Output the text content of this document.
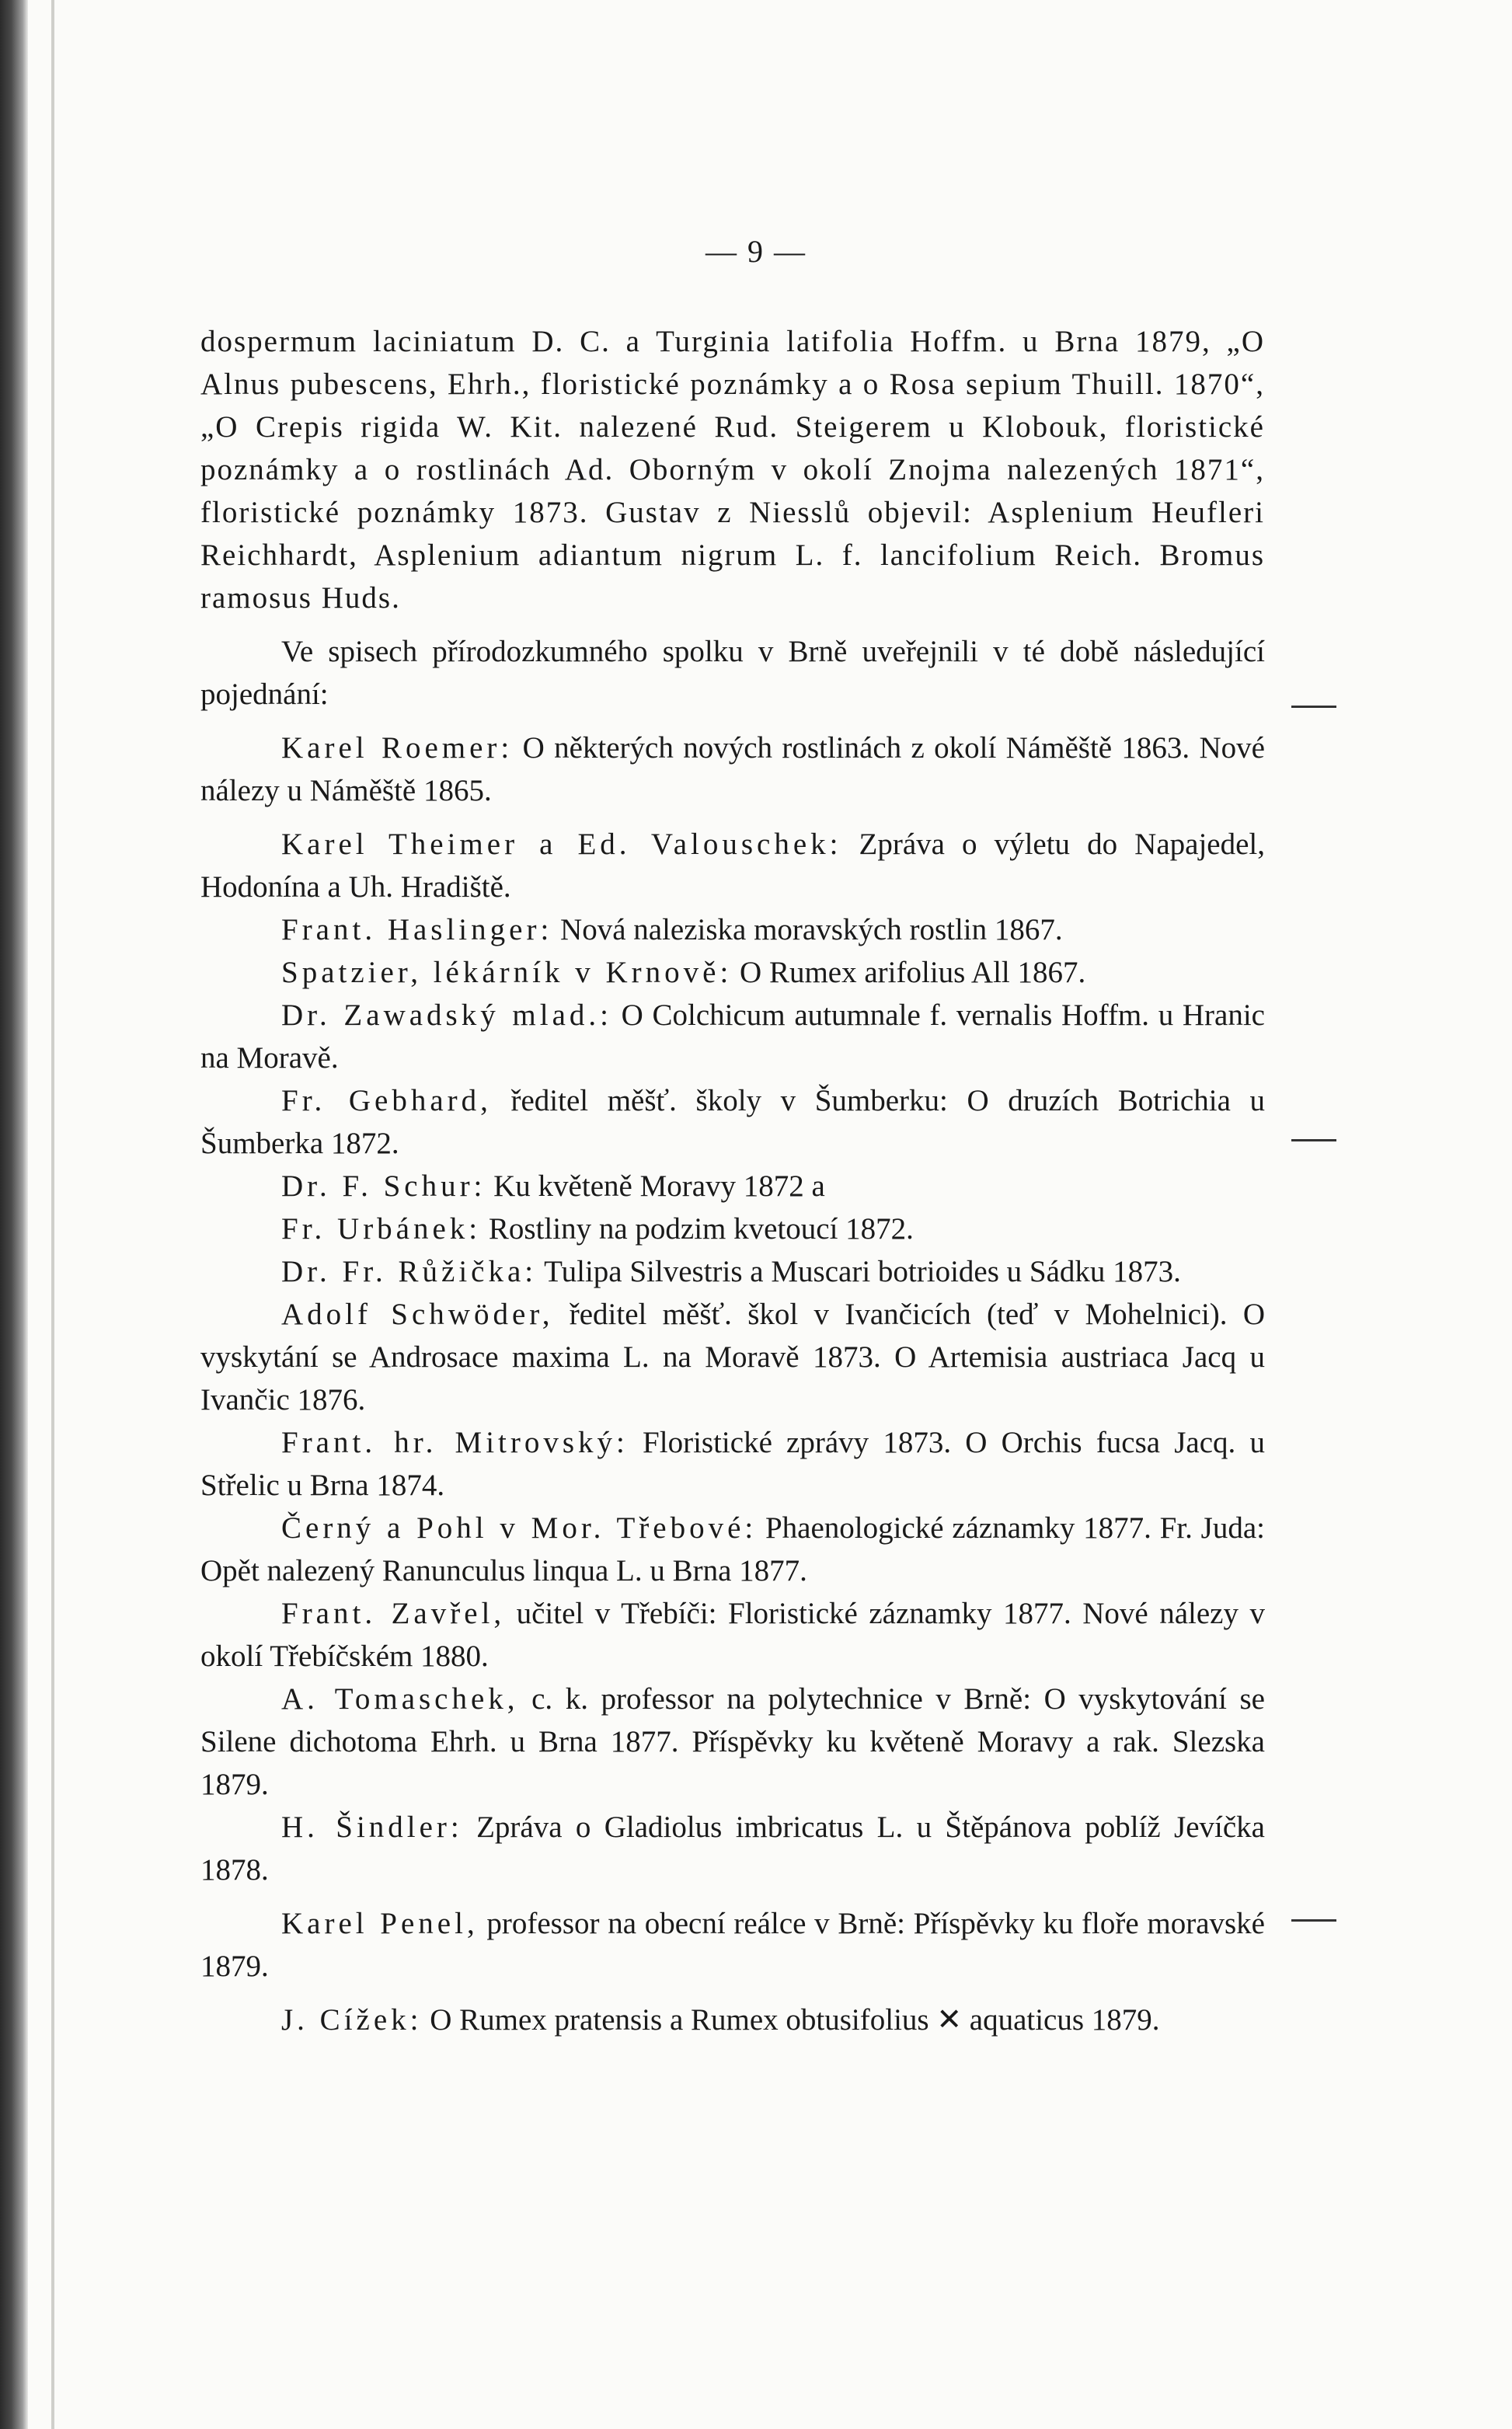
— 9 —

dospermum laciniatum D. C. a Turginia latifolia Hoffm. u Brna 1879, „O Alnus pubescens, Ehrh., floristické poznámky a o Rosa sepium Thuill. 1870“, „O Crepis rigida W. Kit. nalezené Rud. Steigerem u Klobouk, floristické poznámky a o rostlinách Ad. Oborným v okolí Znojma nalezených 1871“, floristické poznámky 1873. Gustav z Niesslů objevil: Asplenium Heufleri Reichhardt, Asplenium adiantum nigrum L. f. lancifolium Reich. Bromus ramosus Huds.

Ve spisech přírodozkumného spolku v Brně uveřejnili v té době následující pojednání:

Karel Roemer: O některých nových rostlinách z okolí Náměště 1863. Nové nálezy u Náměště 1865.

Karel Theimer a Ed. Valouschek: Zpráva o výletu do Napajedel, Hodonína a Uh. Hradiště.

Frant. Haslinger: Nová naleziska moravských rostlin 1867.

Spatzier, lékárník v Krnově: O Rumex arifolius All 1867.

Dr. Zawadský mlad.: O Colchicum autumnale f. vernalis Hoffm. u Hranic na Moravě.

Fr. Gebhard, ředitel měšť. školy v Šumberku: O druzích Botrichia u Šumberka 1872.

Dr. F. Schur: Ku květeně Moravy 1872 a

Fr. Urbánek: Rostliny na podzim kvetoucí 1872.

Dr. Fr. Růžička: Tulipa Silvestris a Muscari botrioides u Sádku 1873.

Adolf Schwöder, ředitel měšť. škol v Ivančicích (teď v Mohelnici). O vyskytání se Androsace maxima L. na Moravě 1873. O Artemisia austriaca Jacq u Ivančic 1876.

Frant. hr. Mitrovský: Floristické zprávy 1873. O Orchis fucsa Jacq. u Střelic u Brna 1874.

Černý a Pohl v Mor. Třebové: Phaenologické záznamky 1877. Fr. Juda: Opět nalezený Ranunculus linqua L. u Brna 1877.

Frant. Zavřel, učitel v Třebíči: Floristické záznamky 1877. Nové nálezy v okolí Třebíčském 1880.

A. Tomaschek, c. k. professor na polytechnice v Brně: O vyskytování se Silene dichotoma Ehrh. u Brna 1877. Příspěvky ku květeně Moravy a rak. Slezska 1879.

H. Šindler: Zpráva o Gladiolus imbricatus L. u Štěpánova poblíž Jevíčka 1878.

Karel Penel, professor na obecní reálce v Brně: Příspěvky ku floře moravské 1879.

J. Cížek: O Rumex pratensis a Rumex obtusifolius ✕ aquaticus 1879.
